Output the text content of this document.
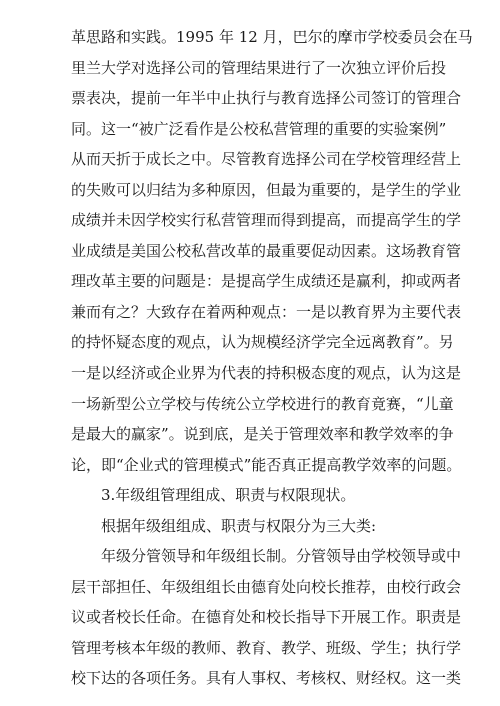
革思路和实践。1995 年 12 月，巴尔的摩市学校委员会在马
里兰大学对选择公司的管理结果进行了一次独立评价后投
票表决，提前一年半中止执行与教育选择公司签订的管理合
同。这一“被广泛看作是公校私营管理的重要的实验案例”
从而天折于成长之中。尽管教育选择公司在学校管理经营上
的失败可以归结为多种原因，但最为重要的，是学生的学业
成绩并未因学校实行私营管理而得到提高，而提高学生的学
业成绩是美国公校私营改革的最重要促动因素。这场教育管
理改革主要的问题是：是提高学生成绩还是赢利，抑或两者
兼而有之？大致存在着两种观点：一是以教育界为主要代表
的持怀疑态度的观点，认为规模经济学完全远离教育”。另
一是以经济或企业界为代表的持积极态度的观点，认为这是
一场新型公立学校与传统公立学校进行的教育竟赛，“儿童
是最大的赢家”。说到底，是关于管理效率和教学效率的争
论，即“企业式的管理模式”能否真正提高教学效率的问题。
3.年级组管理组成、职责与权限现状。
根据年级组组成、职责与权限分为三大类:
年级分管领导和年级组长制。分管领导由学校领导或中
层干部担任、年级组组长由德育处向校长推荐，由校行政会
议或者校长任命。在德育处和校长指导下开展工作。职责是
管理考核本年级的教师、教育、教学、班级、学生；执行学
校下达的各项任务。具有人事权、考核权、财经权。这一类
